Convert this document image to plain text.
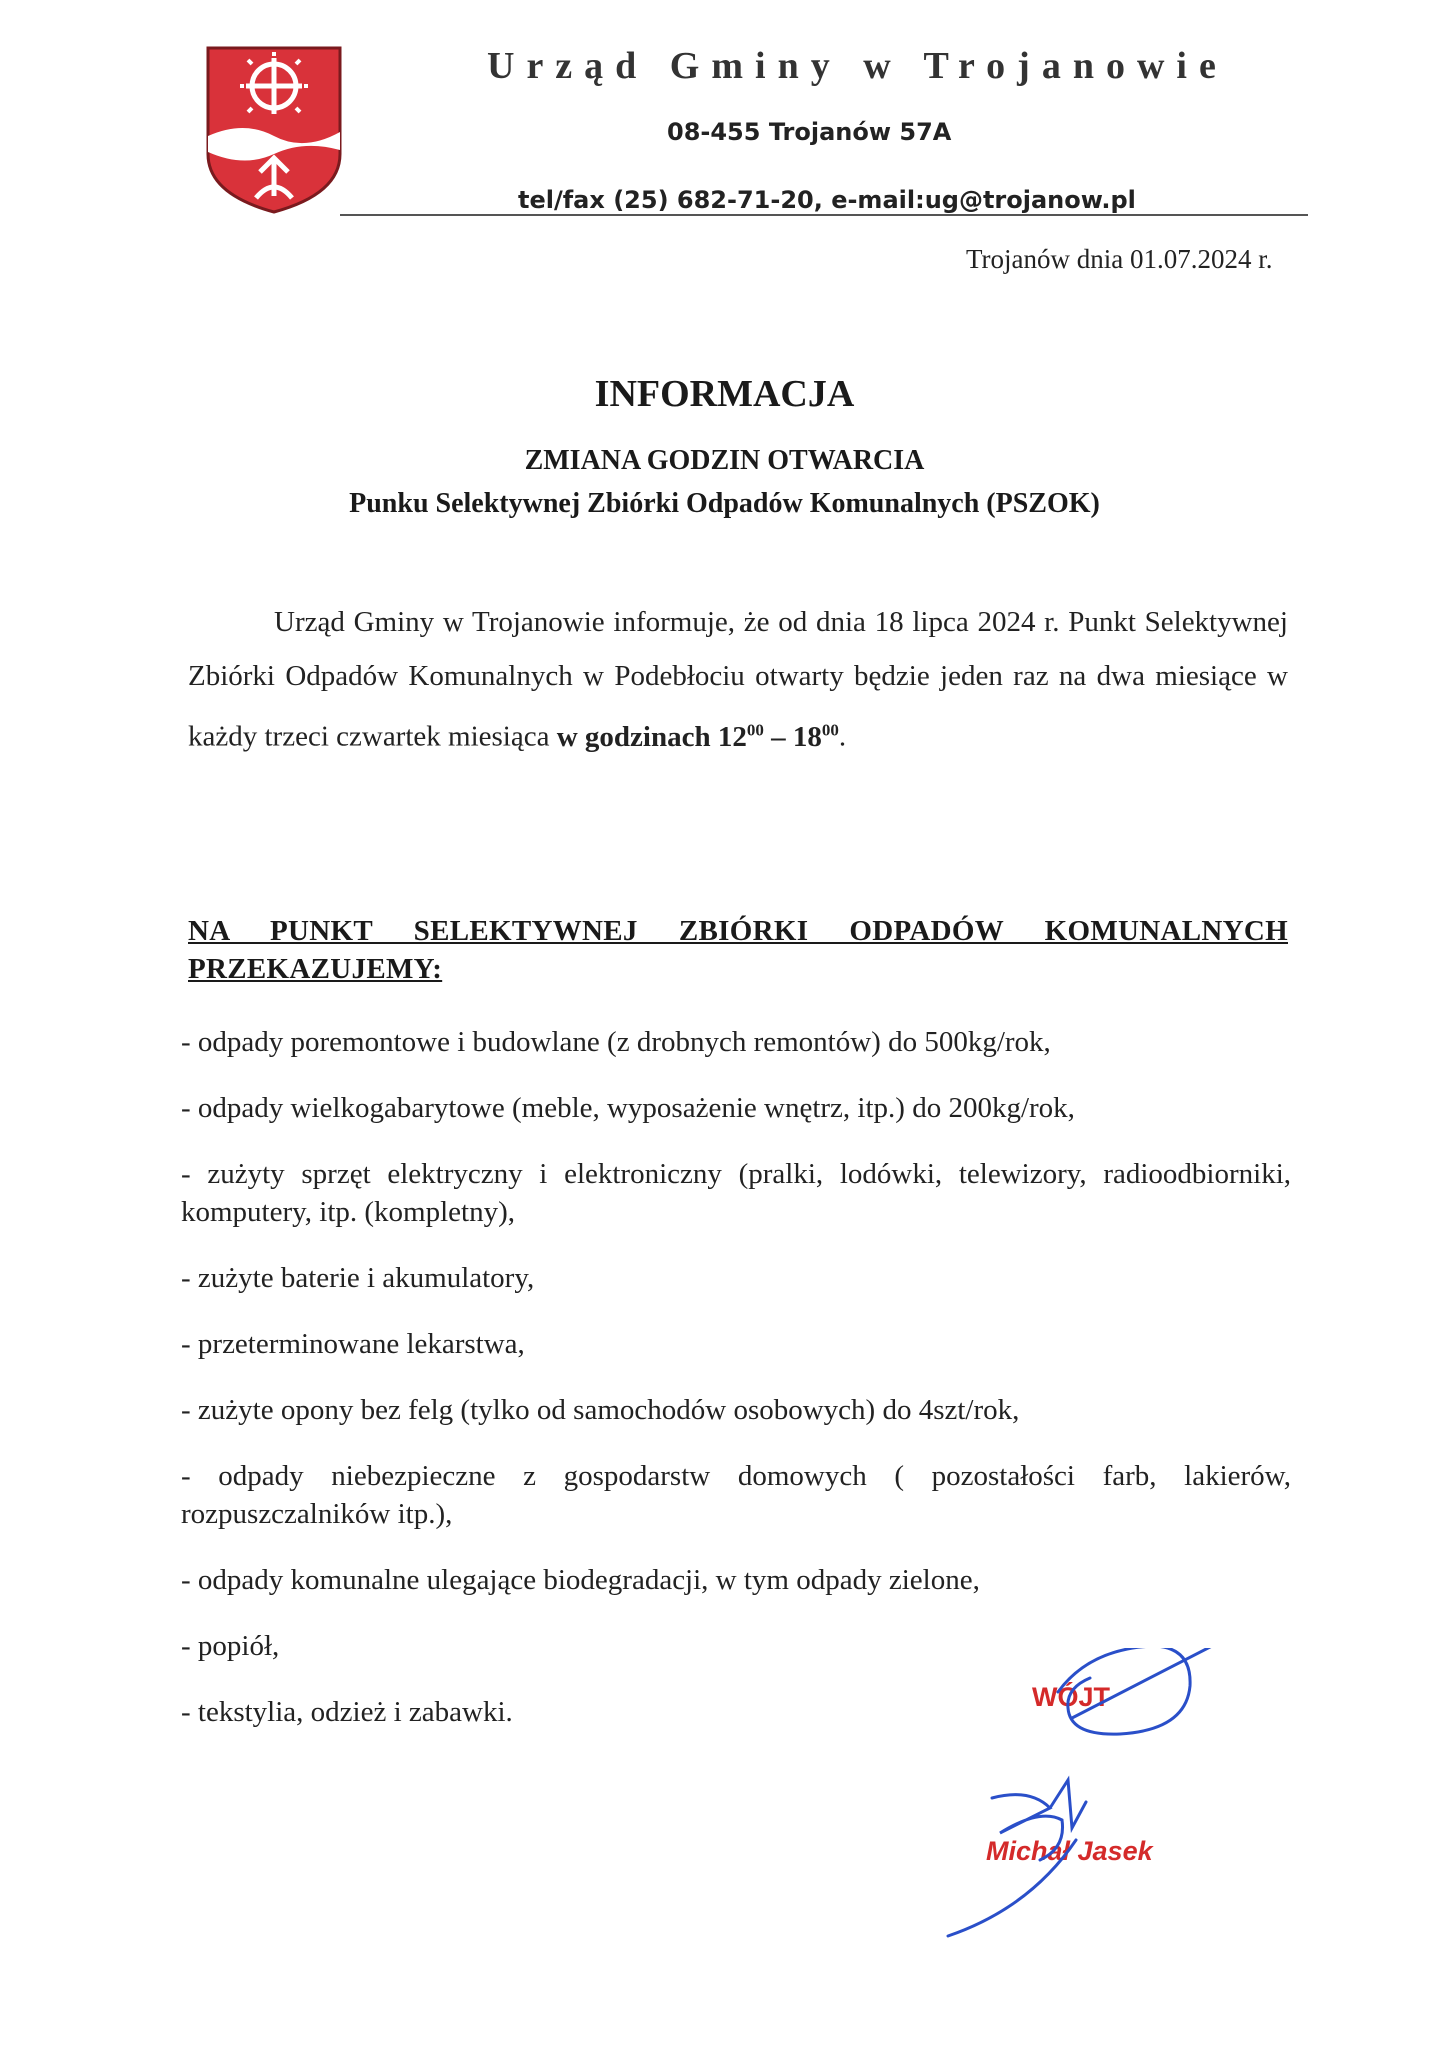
Urząd Gminy w Trojanowie
08-455 Trojanów 57A
tel/fax (25) 682-71-20, e-mail:ug@trojanow.pl
Trojanów dnia 01.07.2024 r.
INFORMACJA
ZMIANA GODZIN OTWARCIA
Punku Selektywnej Zbiórki Odpadów Komunalnych (PSZOK)
Urząd Gminy w Trojanowie informuje, że od dnia 18 lipca 2024 r. Punkt Selektywnej Zbiórki Odpadów Komunalnych w Podebłociu otwarty będzie jeden raz na dwa miesiące w każdy trzeci czwartek miesiąca w godzinach $12^{00} - 18^{00}$.
NA PUNKT SELEKTYWNEJ ZBIÓRKI ODPADÓW KOMUNALNYCH PRZEKAZUJEMY:
- odpady poremontowe i budowlane (z drobnych remontów) do 500kg/rok,
- odpady wielkogabarytowe (meble, wyposażenie wnętrz, itp.) do 200kg/rok,
- zużyty sprzęt elektryczny i elektroniczny (pralki, lodówki, telewizory, radioodbiorniki, komputery, itp. (kompletny),
- zużyte baterie i akumulatory,
- przeterminowane lekarstwa,
- zużyte opony bez felg (tylko od samochodów osobowych) do 4szt/rok,
- odpady niebezpieczne z gospodarstw domowych ( pozostałości farb, lakierów, rozpuszczalników itp.),
- odpady komunalne ulegające biodegradacji, w tym odpady zielone,
- popiół,
- tekstylia, odzież i zabawki.	WÓJT
Michał Jasek
